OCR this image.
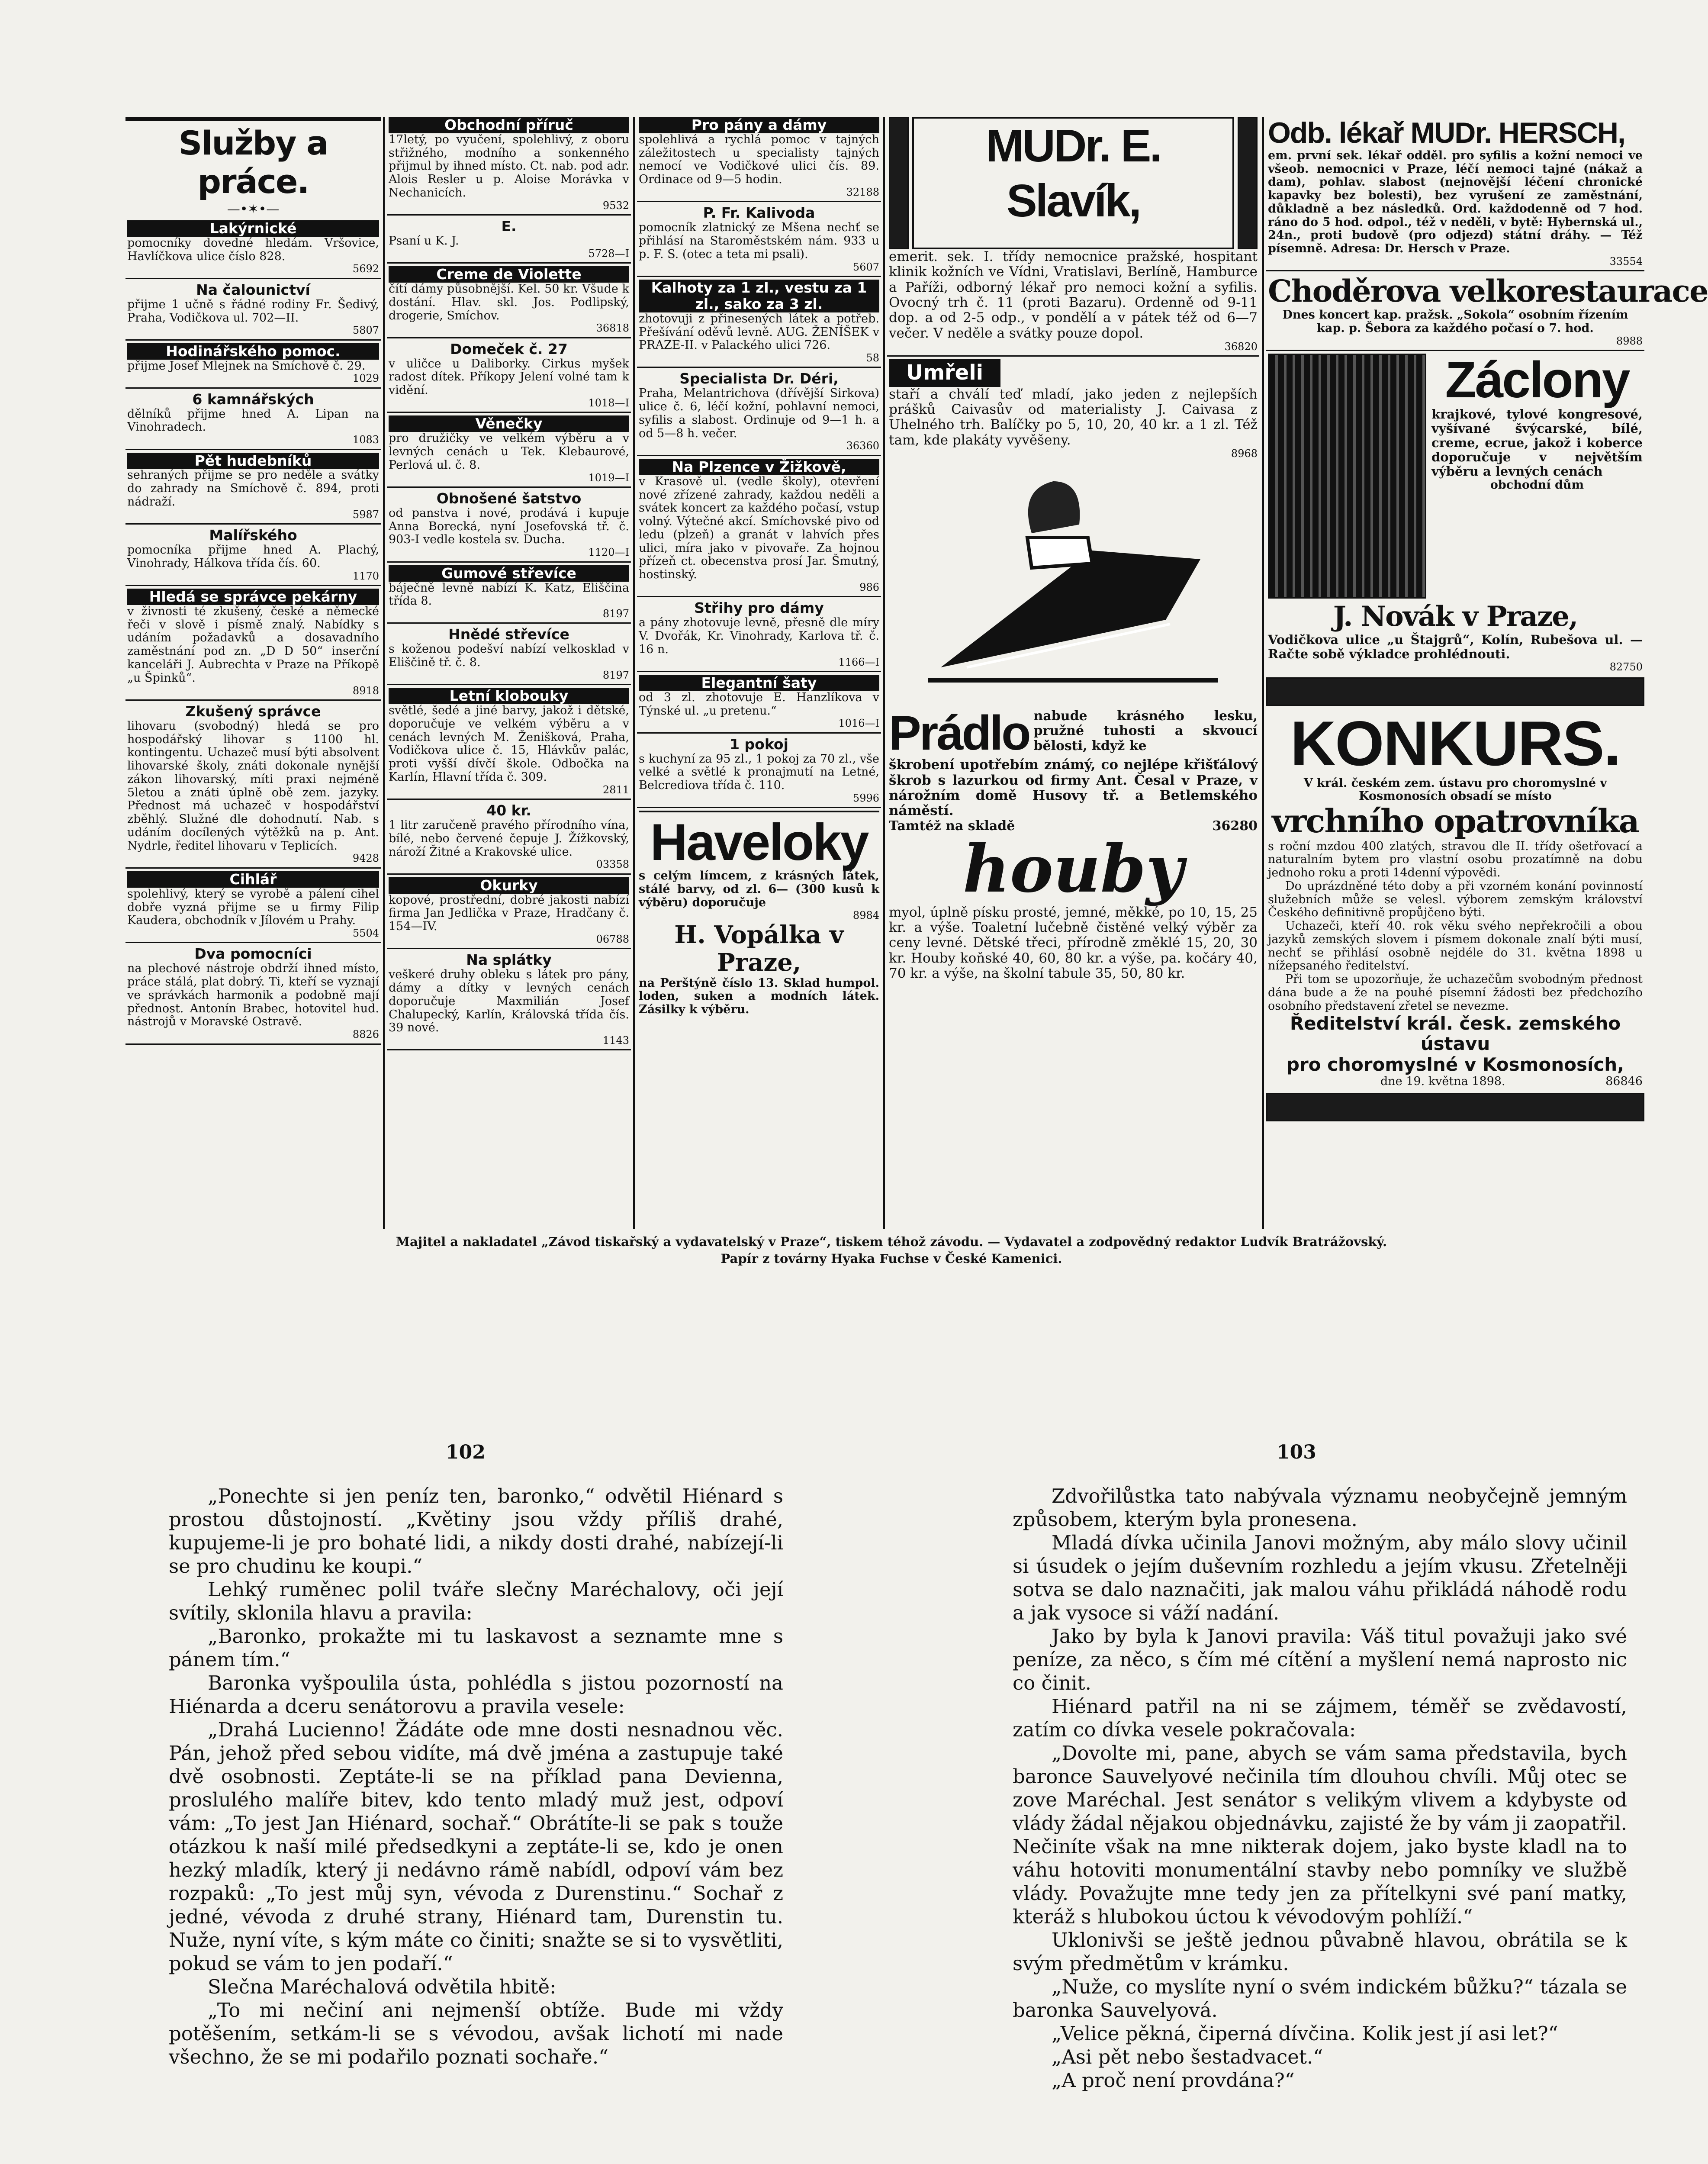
Služby a práce.
—•✶•—
Lakýrnické
pomocníky dovedné hledám. Vršovice, Havlíčkova ulice číslo 828.
5692
Na čalounictví
přijme 1 učně s řádné rodiny Fr. Šedivý, Praha, Vodičkova ul. 702—II.
5807
Hodinářského pomoc.
přijme Josef Mlejnek na Smíchově č. 29.
1029
6 kamnářských
dělníků přijme hned A. Lipan na Vinohradech.
1083
Pět hudebníků
sehraných přijme se pro neděle a svátky do zahrady na Smíchově č. 894, proti nádraží.
5987
Malířského
pomocníka přijme hned A. Plachý, Vinohrady, Hálkova třída čís. 60.
1170
Hledá se správce pekárny
v živnosti té zkušený, české a německé řeči v slově i písmě znalý. Nabídky s udáním požadavků a dosavadního zaměstnání pod zn. „D D 50“ inserční kanceláři J. Aubrechta v Praze na Příkopě „u Špinků“.
8918
Zkušený správce
lihovaru (svobodný) hledá se pro hospodářský lihovar s 1100 hl. kontingentu. Uchazeč musí býti absolvent lihovarské školy, znáti dokonale nynější zákon lihovarský, míti praxi nejméně 5letou a znáti úplně obě zem. jazyky. Přednost má uchazeč v hospodářství zběhlý. Služné dle dohodnutí. Nab. s udáním docílených výtěžků na p. Ant. Nydrle, ředitel lihovaru v Teplicích.
9428
Cihlář
spolehlivý, který se vyrobě a pálení cihel dobře vyzná přijme se u firmy Filip Kaudera, obchodník v Jílovém u Prahy.
5504
Dva pomocníci
na plechové nástroje obdrží ihned místo, práce stálá, plat dobrý. Ti, kteří se vyznají ve správkách harmonik a podobně mají přednost. Antonín Brabec, hotovitel hud. nástrojů v Moravské Ostravě.
8826
Obchodní příruč
17letý, po vyučení, spolehlivý, z oboru střižného, modního a sonkenného přijmul by ihned místo. Ct. nab. pod adr. Alois Resler u p. Aloise Morávka v Nechanicích.
9532
E.
Psaní u K. J.
5728—I
Creme de Violette
čítí dámy působnější. Kel. 50 kr. Všude k dostání. Hlav. skl. Jos. Podlipský, drogerie, Smíchov.
36818
Domeček č. 27
v uličce u Daliborky. Cirkus myšek radost dítek. Příkopy Jelení volné tam k vidění.
1018—I
Věnečky
pro družičky ve velkém výběru a v levných cenách u Tek. Klebaurové, Perlová ul. č. 8.
1019—I
Obnošené šatstvo
od panstva i nové, prodává i kupuje Anna Borecká, nyní Josefovská tř. č. 903-I vedle kostela sv. Ducha.
1120—I
Gumové střevíce
báječně levně nabízí K. Katz, Eliščina třída 8.
8197
Hnědé střevíce
s koženou podešví nabízí velkosklad v Eliščině tř. č. 8.
8197
Letní klobouky
světlé, šedé a jiné barvy, jakož i dětské, doporučuje ve velkém výběru a v cenách levných M. Ženišková, Praha, Vodičkova ulice č. 15, Hlávkův palác, proti vyšší dívčí škole. Odbočka na Karlín, Hlavní třída č. 309.
2811
40 kr.
1 litr zaručeně pravého přírodního vína, bílé, nebo červené čepuje J. Žížkovský, nároží Žitné a Krakovské ulice.
03358
Okurky
kopové, prostřední, dobré jakosti nabízí firma Jan Jedlička v Praze, Hradčany č. 154—IV.
06788
Na splátky
veškeré druhy obleku s látek pro pány, dámy a dítky v levných cenách doporučuje Maxmilián Josef Chalupecký, Karlín, Královská třída čís. 39 nové.
1143
Pro pány a dámy
spolehlivá a rychlá pomoc v tajných záležitostech u specialisty tajných nemocí ve Vodičkové ulici čís. 89. Ordinace od 9—5 hodin.
32188
P. Fr. Kalivoda
pomocník zlatnický ze Mšena nechť se přihlásí na Staroměstském nám. 933 u p. F. S. (otec a teta mi psali).
5607
Kalhoty za 1 zl., vestu za 1 zl., sako za 3 zl.
zhotovuji z přinesených látek a potřeb. Přešívání oděvů levně. AUG. ŽENÍŠEK v PRAZE-II. v Palackého ulici 726.
58
Specialista Dr. Déri,
Praha, Melantrichova (dřívější Sirkova) ulice č. 6, léčí kožní, pohlavní nemoci, syfilis a slabost. Ordinuje od 9—1 h. a od 5—8 h. večer.
36360
Na Plzence v Žižkově,
v Krasově ul. (vedle školy), otevření nové zřízené zahrady, každou neděli a svátek koncert za každého počasí, vstup volný. Výtečné akcí. Smíchovské pivo od ledu (plzeň) a granát v lahvích přes ulici, míra jako v pivovaře. Za hojnou přízeň ct. obecenstva prosí Jar. Šmutný, hostinský.
986
Střihy pro dámy
a pány zhotovuje levně, přesně dle míry V. Dvořák, Kr. Vinohrady, Karlova tř. č. 16 n.
1166—I
Elegantní šaty
od 3 zl. zhotovuje E. Hanzlíkova v Týnské ul. „u pretenu.“
1016—I
1 pokoj
s kuchyní za 95 zl., 1 pokoj za 70 zl., vše velké a světlé k pronajmutí na Letné, Belcrediova třída č. 110.
5996
Haveloky
s celým límcem, z krásných látek, stálé barvy, od zl. 6— (300 kusů k výběru) doporučuje
8984
H. Vopálka v Praze,
na Perštýně číslo 13. Sklad humpol. loden, suken a modních látek. Zásilky k výběru.
MUDr. E. Slavík,
emerit. sek. I. třídy nemocnice pražské, hospitant klinik kožních ve Vídni, Vratislavi, Berlíně, Hamburce a Paříži, odborný lékař pro nemoci kožní a syfilis. Ovocný trh č. 11 (proti Bazaru). Ordenně od 9-11 dop. a od 2-5 odp., v pondělí a v pátek též od 6—7 večer. V neděle a svátky pouze dopol.
36820
Umřeli
staří a chválí teď mladí, jako jeden z nejlepších prášků Caivasův od materialisty J. Caivasa z Uhelného trh. Balíčky po 5, 10, 20, 40 kr. a 1 zl. Též tam, kde plakáty vyvěšeny.
8968
Prádlo nabude krásného lesku, pružné tuhosti a skvoucí bělosti, když ke
škrobení upotřebím známý, co nejlépe křišťálový škrob s lazurkou od firmy Ant. Česal v Praze, v nárožním domě Husovy tř. a Betlemského náměstí.
Tamtéž na skladě	36280
houby
myol, úplně písku prosté, jemné, měkké, po 10, 15, 25 kr. a výše. Toaletní lučebně čistěné velký výběr za ceny levné. Dětské třeci, přírodně změklé 15, 20, 30 kr. Houby koňské 40, 60, 80 kr. a výše, pa. kočáry 40, 70 kr. a výše, na školní tabule 35, 50, 80 kr.
Odb. lékař MUDr. HERSCH,
em. první sek. lékař odděl. pro syfilis a kožní nemoci ve všeob. nemocnici v Praze, léčí nemoci tajné (nákaž a dam), pohlav. slabost (nejnovější léčení chronické kapavky bez bolesti), bez vyrušení ze zaměstnání, důkladně a bez následků. Ord. každodenně od 7 hod. ráno do 5 hod. odpol., též v neděli, v bytě: Hybernská ul., 24n., proti budově (pro odjezd) státní dráhy. — Též písemně. Adresa: Dr. Hersch v Praze.
33554
Choděrova velkorestaurace
Dnes koncert kap. pražsk. „Sokola“ osobním řízením kap. p. Šebora za každého počasí o 7. hod.
8988
Záclony
krajkové, tylové kongresové, vyšívané švýcarské, bílé, creme, ecrue, jakož i koberce doporučuje v největším výběru a levných cenách
obchodní dům
J. Novák v Praze,
Vodičkova ulice „u Štajgrů“, Kolín, Rubešova ul. — Račte sobě výkladce prohlédnouti.
82750
KONKURS.
V král. českém zem. ústavu pro choromyslné v Kosmonosích obsadí se místo
vrchního opatrovníka
s roční mzdou 400 zlatých, stravou dle II. třídy ošetřovací a naturalním bytem pro vlastní osobu prozatímně na dobu jednoho roku a proti 14denní výpovědi.
Do uprázdněné této doby a při vzorném konání povinností služebních může se velesl. výborem zemským království Českého definitivně propůjčeno býti.
Uchazeči, kteří 40. rok věku svého nepřekročili a obou jazyků zemských slovem i písmem dokonale znalí býti musí, nechť se přihlásí osobně nejdéle do 31. května 1898 u nížepsaného ředitelství.
Při tom se upozorňuje, že uchazečům svobodným přednost dána bude a že na pouhé písemní žádosti bez předchozího osobního představení zřetel se nevezme.
Ředitelství král. česk. zemského ústavu
pro choromyslné v Kosmonosích,
dne 19. května 1898.	86846
Majitel a nakladatel „Závod tiskařský a vydavatelský v Praze“, tiskem téhož závodu. — Vydavatel a zodpovědný redaktor Ludvík Bratrážovský.
Papír z továrny Hyaka Fuchse v České Kamenici.
102	103

„Ponechte si jen peníz ten, baronko,“ odvětil Hiénard s prostou důstojností. „Květiny jsou vždy příliš drahé, kupujeme-li je pro bohaté lidi, a nikdy dosti drahé, nabízejí-li se pro chudinu ke koupi.“

Lehký ruměnec polil tváře slečny Maréchalovy, oči její svítily, sklonila hlavu a pravila:

„Baronko, prokažte mi tu laskavost a seznamte mne s pánem tím.“

Baronka vyšpoulila ústa, pohlédla s jistou pozorností na Hiénarda a dceru senátorovu a pravila vesele:

„Drahá Lucienno! Žádáte ode mne dosti nesnadnou věc. Pán, jehož před sebou vidíte, má dvě jména a zastupuje také dvě osobnosti. Zeptáte-li se na příklad pana Devienna, proslulého malíře bitev, kdo tento mladý muž jest, odpoví vám: „To jest Jan Hiénard, sochař.“ Obrátíte-li se pak s touže otázkou k naší milé předsedkyni a zeptáte-li se, kdo je onen hezký mladík, který ji nedávno rámě nabídl, odpoví vám bez rozpaků: „To jest můj syn, vévoda z Durenstinu.“ Sochař z jedné, vévoda z druhé strany, Hiénard tam, Durenstin tu. Nuže, nyní víte, s kým máte co činiti; snažte se si to vysvětliti, pokud se vám to jen podaří.“

Slečna Maréchalová odvětila hbitě:

„To mi nečiní ani nejmenší obtíže. Bude mi vždy potěšením, setkám-li se s vévodou, avšak lichotí mi nade všechno, že se mi podařilo poznati sochaře.“

Zdvořilůstka tato nabývala významu neobyčejně jemným způsobem, kterým byla pronesena.

Mladá dívka učinila Janovi možným, aby málo slovy učinil si úsudek o jejím duševním rozhledu a jejím vkusu. Zřetelněji sotva se dalo naznačiti, jak malou váhu přikládá náhodě rodu a jak vysoce si váží nadání.

Jako by byla k Janovi pravila: Váš titul považuji jako své peníze, za něco, s čím mé cítění a myšlení nemá naprosto nic co činit.

Hiénard patřil na ni se zájmem, téměř se zvědavostí, zatím co dívka vesele pokračovala:

„Dovolte mi, pane, abych se vám sama představila, bych baronce Sauvelyové nečinila tím dlouhou chvíli. Můj otec se zove Maréchal. Jest senátor s velikým vlivem a kdybyste od vlády žádal nějakou objednávku, zajisté že by vám ji zaopatřil. Nečiníte však na mne nikterak dojem, jako byste kladl na to váhu hotoviti monumentální stavby nebo pomníky ve službě vlády. Považujte mne tedy jen za přítelkyni své paní matky, kteráž s hlubokou úctou k vévodovým pohlíží.“

Uklonivši se ještě jednou půvabně hlavou, obrátila se k svým předmětům v krámku.

„Nuže, co myslíte nyní o svém indickém bůžku?“ tázala se baronka Sauvelyová.

„Velice pěkná, čiperná dívčina. Kolik jest jí asi let?“

„Asi pět nebo šestadvacet.“

„A proč není provdána?“
